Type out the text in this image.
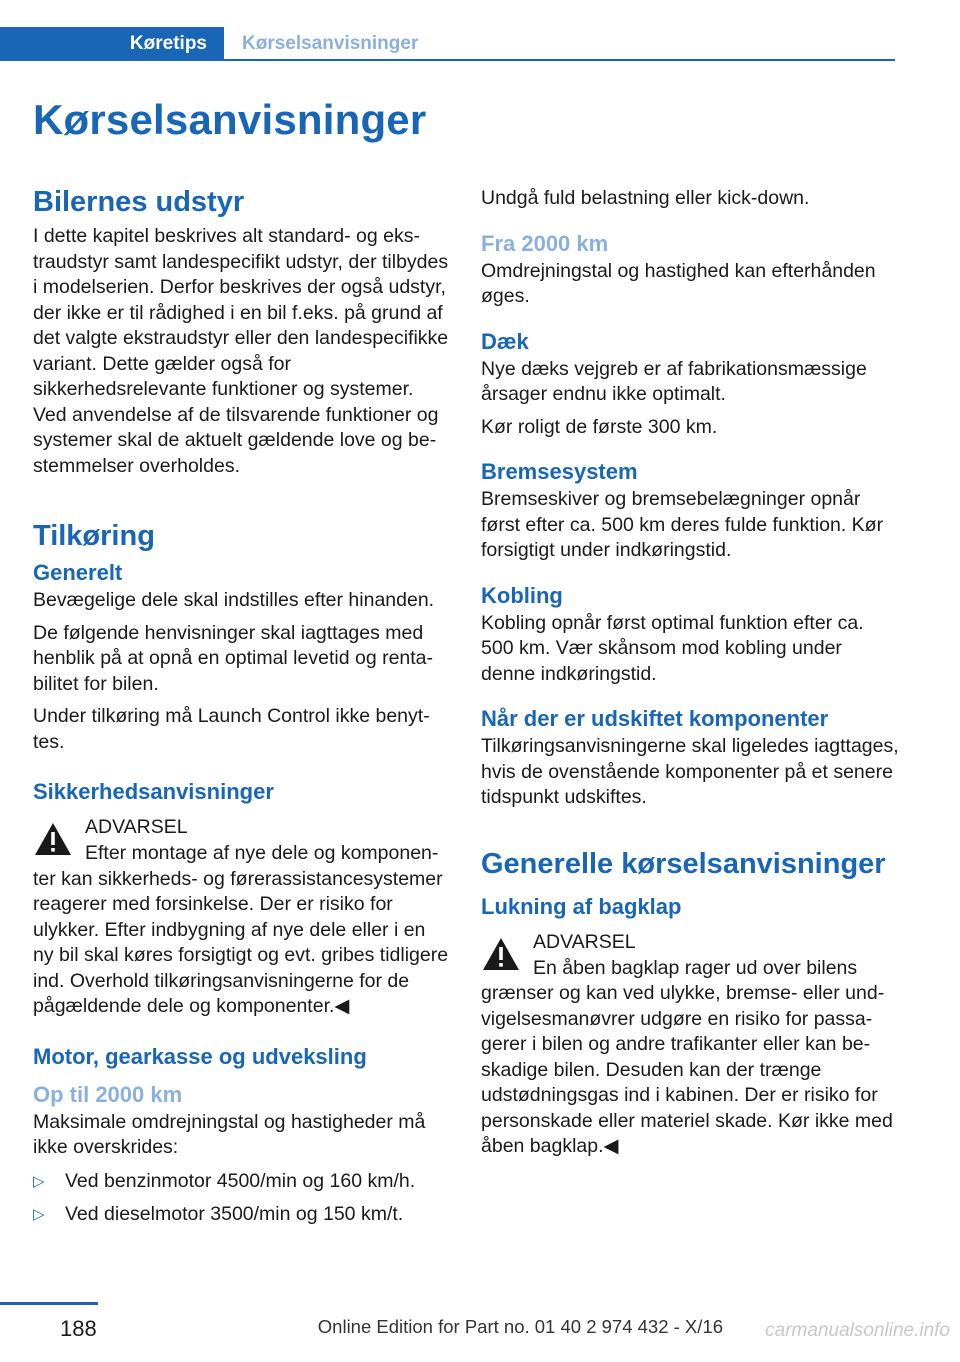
Køretips	Kørselsanvisninger
Kørselsanvisninger
Bilernes udstyr

I dette kapitel beskrives alt standard- og ekstraudstyr samt landespecifikt udstyr, der tilbydes i modelserien. Derfor beskrives der også udstyr, der ikke er til rådighed i en bil f.eks. på grund af det valgte ekstraudstyr eller den landespecifikke variant. Dette gælder også for sikkerhedsrelevante funktioner og systemer. Ved anvendelse af de tilsvarende funktioner og systemer skal de aktuelt gældende love og bestemmelser overholdes.

Tilkøring
Generelt

Bevægelige dele skal indstilles efter hinanden.

De følgende henvisninger skal iagttages med henblik på at opnå en optimal levetid og rentabilitet for bilen.

Under tilkøring må Launch Control ikke benyttes.

Sikkerhedsanvisninger
ADVARSEL

Efter montage af nye dele og komponenter kan sikkerheds- og førerassistancesystemer reagerer med forsinkelse. Der er risiko for ulykker. Efter indbygning af nye dele eller i en ny bil skal køres forsigtigt og evt. gribes tidligere ind. Overhold tilkøringsanvisningerne for de pågældende dele og komponenter.◀

Motor, gearkasse og udveksling
Op til 2000 km

Maksimale omdrejningstal og hastigheder må ikke overskrides:

▷ Ved benzinmotor 4500/min og 160 km/h.
▷ Ved dieselmotor 3500/min og 150 km/t.

Undgå fuld belastning eller kick-down.

Fra 2000 km

Omdrejningstal og hastighed kan efterhånden øges.

Dæk

Nye dæks vejgreb er af fabrikationsmæssige årsager endnu ikke optimalt.

Kør roligt de første 300 km.

Bremsesystem

Bremseskiver og bremsebelægninger opnår først efter ca. 500 km deres fulde funktion. Kør forsigtigt under indkøringstid.

Kobling

Kobling opnår først optimal funktion efter ca. 500 km. Vær skånsom mod kobling under denne indkøringstid.

Når der er udskiftet komponenter

Tilkøringsanvisningerne skal ligeledes iagttages, hvis de ovenstående komponenter på et senere tidspunkt udskiftes.

Generelle kørselsanvisninger
Lukning af bagklap
ADVARSEL

En åben bagklap rager ud over bilens grænser og kan ved ulykke, bremse- eller undvigelsesmanøvrer udgøre en risiko for passagerer i bilen og andre trafikanter eller kan beskadige bilen. Desuden kan der trænge udstødningsgas ind i kabinen. Der er risiko for personskade eller materiel skade. Kør ikke med åben bagklap.◀

188	Online Edition for Part no. 01 40 2 974 432 - X/16 carmanualsonline.info
